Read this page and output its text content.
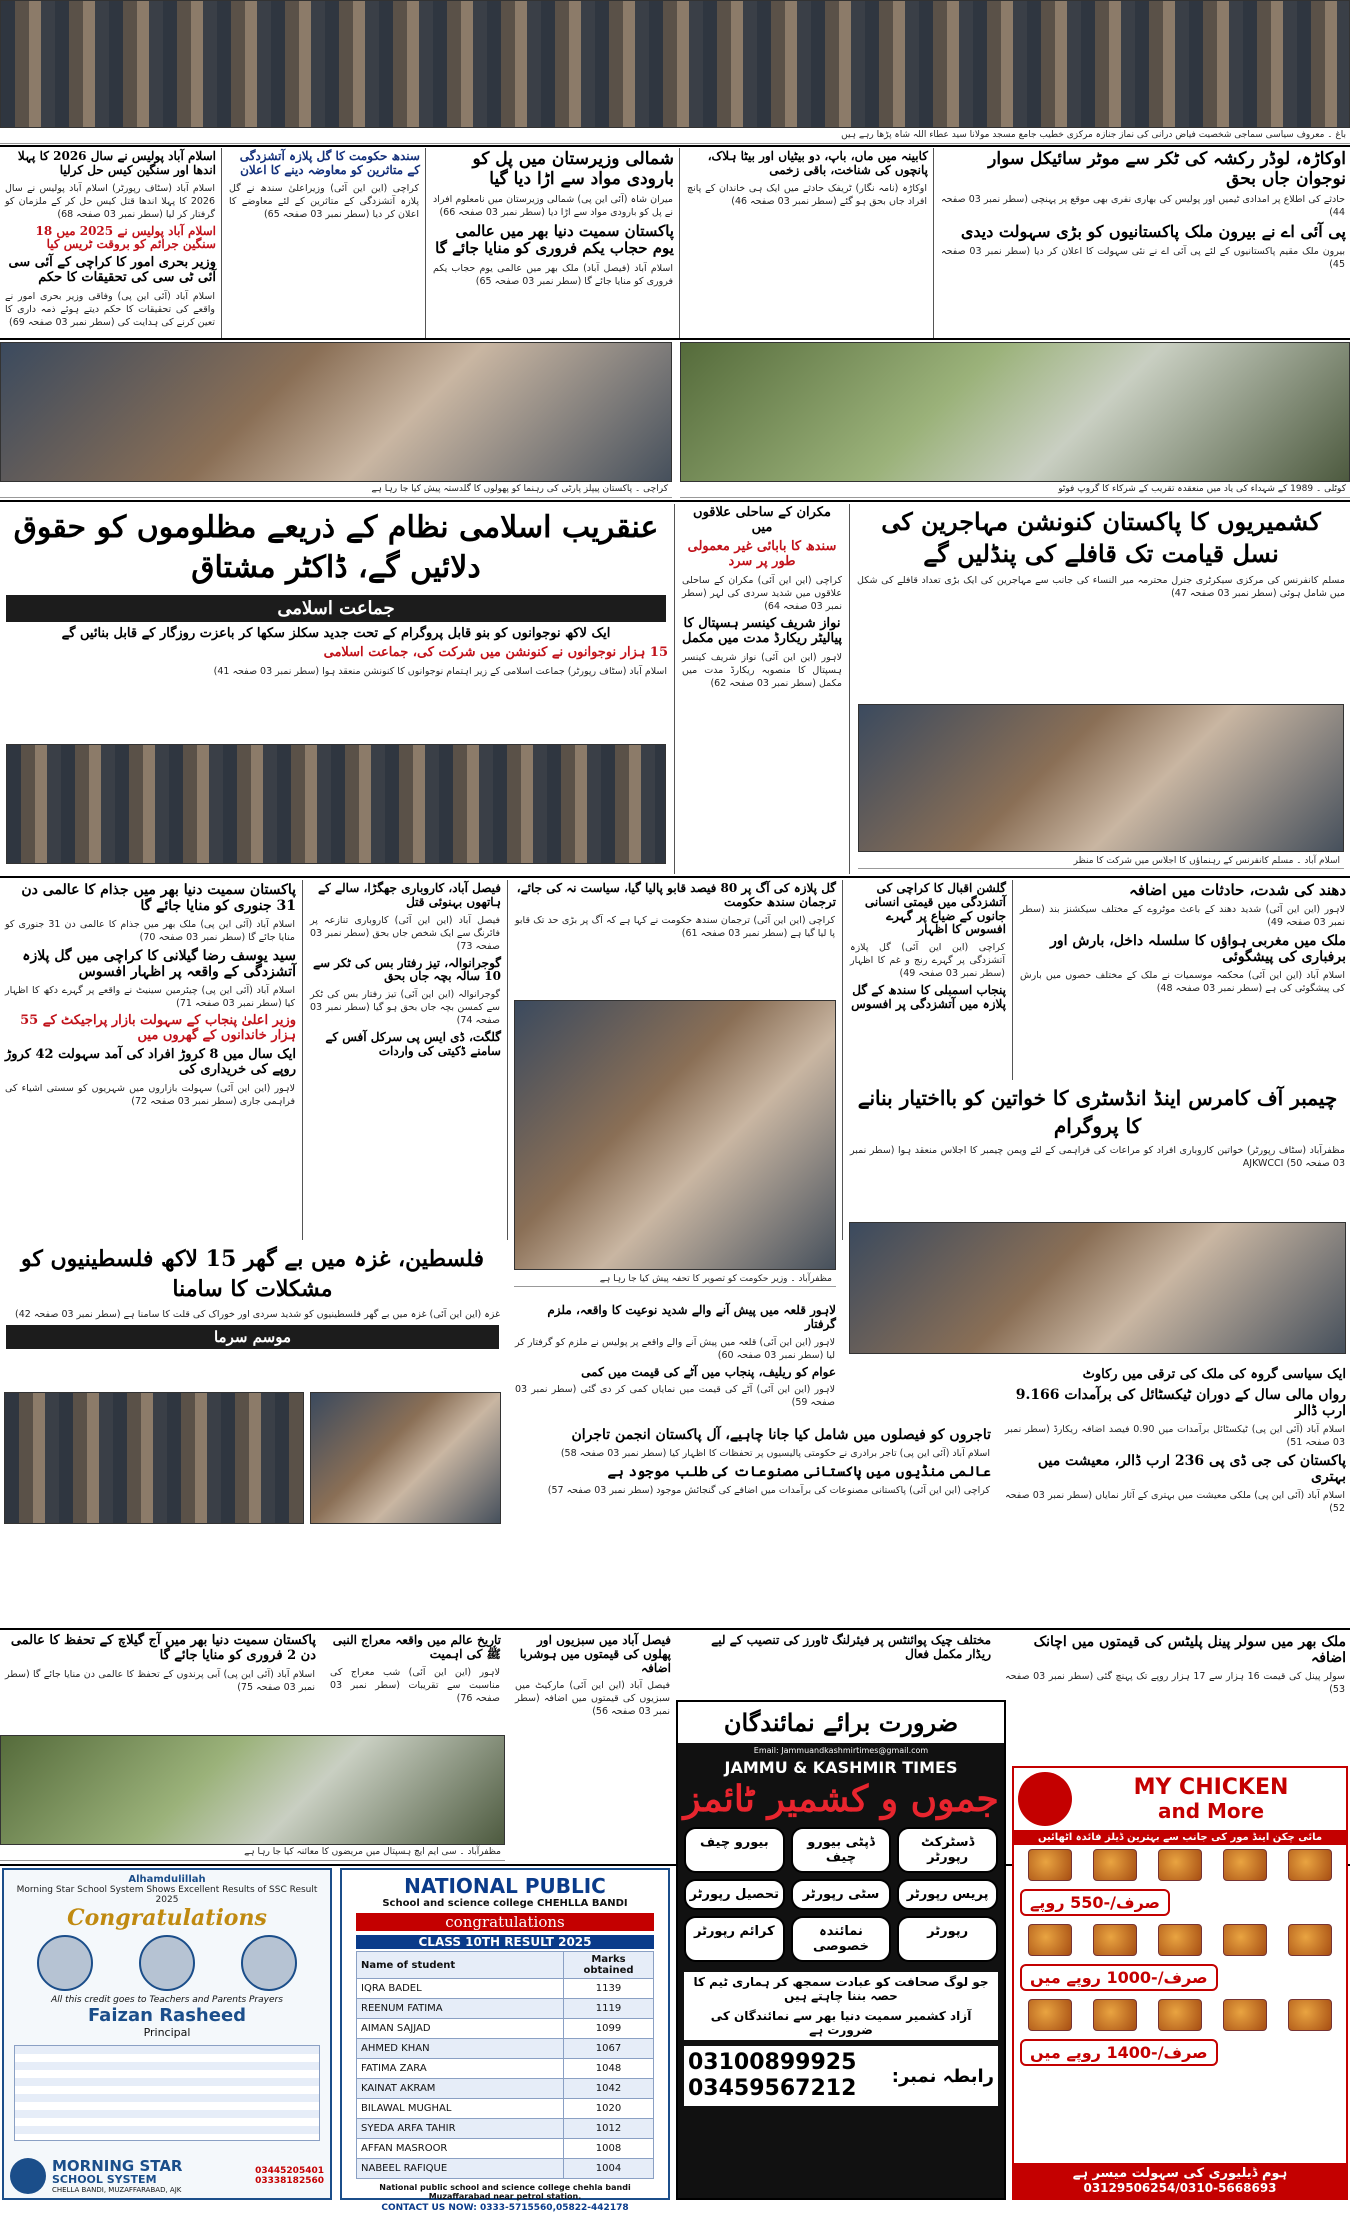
باغ ۔ معروف سیاسی سماجی شخصیت فیاض درانی کی نماز جنازہ مرکزی خطیب جامع مسجد مولانا سید عطاء اللہ شاہ پڑھا رہے ہیں
اسلام آباد پولیس نے سال 2026 کا پہلا اندھا اور سنگین کیس حل کرلیا
اسلام آباد (سٹاف رپورٹر) اسلام آباد پولیس نے سال 2026 کا پہلا اندھا قتل کیس حل کر کے ملزمان کو گرفتار کر لیا (سطر نمبر 03 صفحہ 68)
اسلام آباد پولیس نے 2025 میں 18 سنگین جرائم کو بروقت ٹریس کیا
وزیر بحری امور کا کراچی کے آئی سی آئی ٹی سی کی تحقیقات کا حکم
اسلام آباد (آئی این پی) وفاقی وزیر بحری امور نے واقعے کی تحقیقات کا حکم دیتے ہوئے ذمہ داری کا تعین کرنے کی ہدایت کی (سطر نمبر 03 صفحہ 69)
سندھ حکومت کا گل پلازہ آتشزدگی کے متاثرین کو معاوضہ دینے کا اعلان
کراچی (این این آئی) وزیراعلیٰ سندھ نے گل پلازہ آتشزدگی کے متاثرین کے لئے معاوضے کا اعلان کر دیا (سطر نمبر 03 صفحہ 65)
شمالی وزیرستان میں پل کو بارودی مواد سے اڑا دیا گیا
میران شاہ (آئی این پی) شمالی وزیرستان میں نامعلوم افراد نے پل کو بارودی مواد سے اڑا دیا (سطر نمبر 03 صفحہ 66)
پاکستان سمیت دنیا بھر میں عالمی یوم حجاب یکم فروری کو منایا جائے گا
اسلام آباد (فیصل آباد) ملک بھر میں عالمی یوم حجاب یکم فروری کو منایا جائے گا (سطر نمبر 03 صفحہ 65)
کابینہ میں ماں، باپ، دو بیٹیاں اور بیٹا ہلاک، پانچوں کی شناخت، باقی زخمی
اوکاڑہ (نامہ نگار) ٹریفک حادثے میں ایک ہی خاندان کے پانچ افراد جاں بحق ہو گئے (سطر نمبر 03 صفحہ 46)
اوکاڑہ، لوڈر رکشہ کی ٹکر سے موٹر سائیکل سوار نوجوان جاں بحق
حادثے کی اطلاع پر امدادی ٹیمیں اور پولیس کی بھاری نفری بھی موقع پر پہنچی (سطر نمبر 03 صفحہ 44)
پی آئی اے نے بیرون ملک پاکستانیوں کو بڑی سہولت دیدی
بیرون ملک مقیم پاکستانیوں کے لئے پی آئی اے نے نئی سہولت کا اعلان کر دیا (سطر نمبر 03 صفحہ 45)
کراچی ۔ پاکستان پیپلز پارٹی کی رہنما کو پھولوں کا گلدستہ پیش کیا جا رہا ہے	کوٹلی ۔ 1989 کے شہداء کی یاد میں منعقدہ تقریب کے شرکاء کا گروپ فوٹو
عنقریب اسلامی نظام کے ذریعے مظلوموں کو حقوق دلائیں گے، ڈاکٹر مشتاق
جماعت اسلامی
ایک لاکھ نوجوانوں کو بنو قابل پروگرام کے تحت جدید سکلز سکھا کر باعزت روزگار کے قابل بنائیں گے
15 ہزار نوجوانوں نے کنونشن میں شرکت کی، جماعت اسلامی
اسلام آباد (سٹاف رپورٹر) جماعت اسلامی کے زیر اہتمام نوجوانوں کا کنونشن منعقد ہوا (سطر نمبر 03 صفحہ 41)
مکران کے ساحلی علاقوں میں
سندھ کا بابائی غیر معمولی طور پر سرد
کراچی (این این آئی) مکران کے ساحلی علاقوں میں شدید سردی کی لہر (سطر نمبر 03 صفحہ 64)
نواز شریف کینسر ہسپتال کا پیالیٹر ریکارڈ مدت میں مکمل
لاہور (این این آئی) نواز شریف کینسر ہسپتال کا منصوبہ ریکارڈ مدت میں مکمل (سطر نمبر 03 صفحہ 62)
کشمیریوں کا پاکستان کنونشن مہاجرین کی نسل قیامت تک قافلے کی پنڈلیں گے
مسلم کانفرنس کی مرکزی سیکرٹری جنرل محترمہ میر النساء کی جانب سے مہاجرین کی ایک بڑی تعداد قافلے کی شکل میں شامل ہوئی (سطر نمبر 03 صفحہ 47)
اسلام آباد ۔ مسلم کانفرنس کے رہنماؤں کا اجلاس میں شرکت کا منظر
پاکستان سمیت دنیا بھر میں جذام کا عالمی دن 31 جنوری کو منایا جائے گا
اسلام آباد (آئی این پی) ملک بھر میں جذام کا عالمی دن 31 جنوری کو منایا جائے گا (سطر نمبر 03 صفحہ 70)
سید یوسف رضا گیلانی کا کراچی میں گل پلازہ آتشزدگی کے واقعہ پر اظہار افسوس
اسلام آباد (آئی این پی) چیئرمین سینیٹ نے واقعے پر گہرے دکھ کا اظہار کیا (سطر نمبر 03 صفحہ 71)
وزیر اعلیٰ پنجاب کے سہولت بازار پراجیکٹ کے 55 ہزار خاندانوں کے گھروں میں
ایک سال میں 8 کروڑ افراد کی آمد سہولت 42 کروڑ روپے کی خریداری کی
لاہور (این این آئی) سہولت بازاروں میں شہریوں کو سستی اشیاء کی فراہمی جاری (سطر نمبر 03 صفحہ 72)
فیصل آباد، کاروباری جھگڑا، سالے کے ہاتھوں بہنوئی قتل
فیصل آباد (این این آئی) کاروباری تنازعہ پر فائرنگ سے ایک شخص جاں بحق (سطر نمبر 03 صفحہ 73)
گوجرانوالہ، تیز رفتار بس کی ٹکر سے 10 سالہ بچہ جاں بحق
گوجرانوالہ (این این آئی) تیز رفتار بس کی ٹکر سے کمسن بچہ جاں بحق ہو گیا (سطر نمبر 03 صفحہ 74)
گلگت، ڈی ایس پی سرکل آفس کے سامنے ڈکیتی کی واردات
گل پلازہ کی آگ پر 80 فیصد قابو پالیا گیا، سیاست نہ کی جائے، ترجمان سندھ حکومت
کراچی (این این آئی) ترجمان سندھ حکومت نے کہا ہے کہ آگ پر بڑی حد تک قابو پا لیا گیا ہے (سطر نمبر 03 صفحہ 61)
مظفرآباد ۔ وزیر حکومت کو تصویر کا تحفہ پیش کیا جا رہا ہے
گلشن اقبال کا کراچی کی آتشزدگی میں قیمتی انسانی جانوں کے ضیاع پر گہرے افسوس کا اظہار
کراچی (این این آئی) گل پلازہ آتشزدگی پر گہرے رنج و غم کا اظہار (سطر نمبر 03 صفحہ 49)
پنجاب اسمبلی کا سندھ کے گل پلازہ میں آتشزدگی پر افسوس
دھند کی شدت، حادثات میں اضافہ
لاہور (این این آئی) شدید دھند کے باعث موٹروے کے مختلف سیکشنز بند (سطر نمبر 03 صفحہ 49)
ملک میں مغربی ہواؤں کا سلسلہ داخل، بارش اور برفباری کی پیشگوئی
اسلام آباد (این این آئی) محکمہ موسمیات نے ملک کے مختلف حصوں میں بارش کی پیشگوئی کی ہے (سطر نمبر 03 صفحہ 48)
چیمبر آف کامرس اینڈ انڈسٹری کا خواتین کو بااختیار بنانے کا پروگرام
مظفرآباد (سٹاف رپورٹر) خواتین کاروباری افراد کو مراعات کی فراہمی کے لئے ویمن چیمبر کا اجلاس منعقد ہوا (سطر نمبر 03 صفحہ 50) AJKWCCI
فلسطین، غزہ میں بے گھر 15 لاکھ فلسطینیوں کو مشکلات کا سامنا
غزہ (این این آئی) غزہ میں بے گھر فلسطینیوں کو شدید سردی اور خوراک کی قلت کا سامنا ہے (سطر نمبر 03 صفحہ 42)
موسم سرما
لاہور قلعہ میں پیش آنے والے شدید نوعیت کا واقعہ، ملزم گرفتار
لاہور (این این آئی) قلعہ میں پیش آنے والے واقعے پر پولیس نے ملزم کو گرفتار کر لیا (سطر نمبر 03 صفحہ 60)
عوام کو ریلیف، پنجاب میں آٹے کی قیمت میں کمی
لاہور (این این آئی) آٹے کی قیمت میں نمایاں کمی کر دی گئی (سطر نمبر 03 صفحہ 59)
تاجروں کو فیصلوں میں شامل کیا جانا چاہیے، آل پاکستان انجمن تاجران
اسلام آباد (آئی این پی) تاجر برادری نے حکومتی پالیسیوں پر تحفظات کا اظہار کیا (سطر نمبر 03 صفحہ 58)
عالمی منڈیوں میں پاکستانی مصنوعات کی طلب موجود ہے
کراچی (این این آئی) پاکستانی مصنوعات کی برآمدات میں اضافے کی گنجائش موجود (سطر نمبر 03 صفحہ 57)
ایک سیاسی گروہ کی ملک کی ترقی میں رکاوٹ
رواں مالی سال کے دوران ٹیکسٹائل کی برآمدات 9.166 ارب ڈالر
اسلام آباد (آئی این پی) ٹیکسٹائل برآمدات میں 0.90 فیصد اضافہ ریکارڈ (سطر نمبر 03 صفحہ 51)
پاکستان کی جی ڈی پی 236 ارب ڈالر، معیشت میں بہتری
اسلام آباد (آئی این پی) ملکی معیشت میں بہتری کے آثار نمایاں (سطر نمبر 03 صفحہ 52)
پاکستان سمیت دنیا بھر میں آج گیلاچ کے تحفظ کا عالمی دن 2 فروری کو منایا جائے گا
اسلام آباد (آئی این پی) آبی پرندوں کے تحفظ کا عالمی دن منایا جائے گا (سطر نمبر 03 صفحہ 75)
تاریخ عالم میں واقعہ معراج النبی ﷺ کی اہمیت
لاہور (این این آئی) شب معراج کی مناسبت سے تقریبات (سطر نمبر 03 صفحہ 76)
فیصل آباد میں سبزیوں اور پھلوں کی قیمتوں میں ہوشربا اضافہ
فیصل آباد (این این آئی) مارکیٹ میں سبزیوں کی قیمتوں میں اضافہ (سطر نمبر 03 صفحہ 56)
مختلف چیک پوائنٹس پر فیئرلنگ ٹاورز کی تنصیب کے لیے ریڈار مکمل فعال
ملک بھر میں سولر پینل پلیٹس کی قیمتوں میں اچانک اضافہ
سولر پینل کی قیمت 16 ہزار سے 17 ہزار روپے تک پہنچ گئی (سطر نمبر 03 صفحہ 53)
مظفرآباد ۔ سی ایم ایچ ہسپتال میں مریضوں کا معائنہ کیا جا رہا ہے
Alhamdulillah
Morning Star School System Shows Excellent Results of SSC Result 2025
Congratulations
All this credit goes to Teachers and Parents Prayers
Faizan Rasheed
Principal
MORNING STAR
SCHOOL SYSTEM
CHELLA BANDI, MUZAFFARABAD, AJK
03445205401
03338182560
NATIONAL PUBLIC
School and science college CHEHLLA BANDI
congratulations
CLASS 10TH RESULT 2025
Name of student	Marks obtained
IQRA BADEL	1139
REENUM FATIMA	1119
AIMAN SAJJAD	1099
AHMED KHAN	1067
FATIMA ZARA	1048
KAINAT AKRAM	1042
BILAWAL MUGHAL	1020
SYEDA ARFA TAHIR	1012
AFFAN MASROOR	1008
NABEEL RAFIQUE	1004
National public school and science college chehla bandi Muzaffarabad near petrol station.
CONTACT US NOW: 0333-5715560,05822-442178
ضرورت برائے نمائندگان
Email: Jammuandkashmirtimes@gmail.com
JAMMU & KASHMIR TIMES
جموں و کشمیر ٹائمز
بیورو چیف	ڈپٹی بیورو چیف
ڈسٹرکٹ رپورٹر
تحصیل رپورٹر	سٹی رپورٹر	پریس رپورٹر
کرائم رپورٹر	نمائندہ خصوصی
رپورٹر
جو لوگ صحافت کو عبادت سمجھ کر ہماری ٹیم کا حصہ بننا چاہتے ہیں
آزاد کشمیر سمیت دنیا بھر سے نمائندگان کی ضرورت ہے
رابطہ نمبر:
03100899925
03459567212
MY CHICKEN
and More
مائی چکن اینڈ مور کی جانب سے بہترین ڈیلز فائدہ اٹھائیں
صرف/-550 روپے
صرف/-1000 روپے میں
صرف/-1400 روپے میں
ہوم ڈیلیوری کی سہولت میسر ہے
03129506254/0310-5668693
